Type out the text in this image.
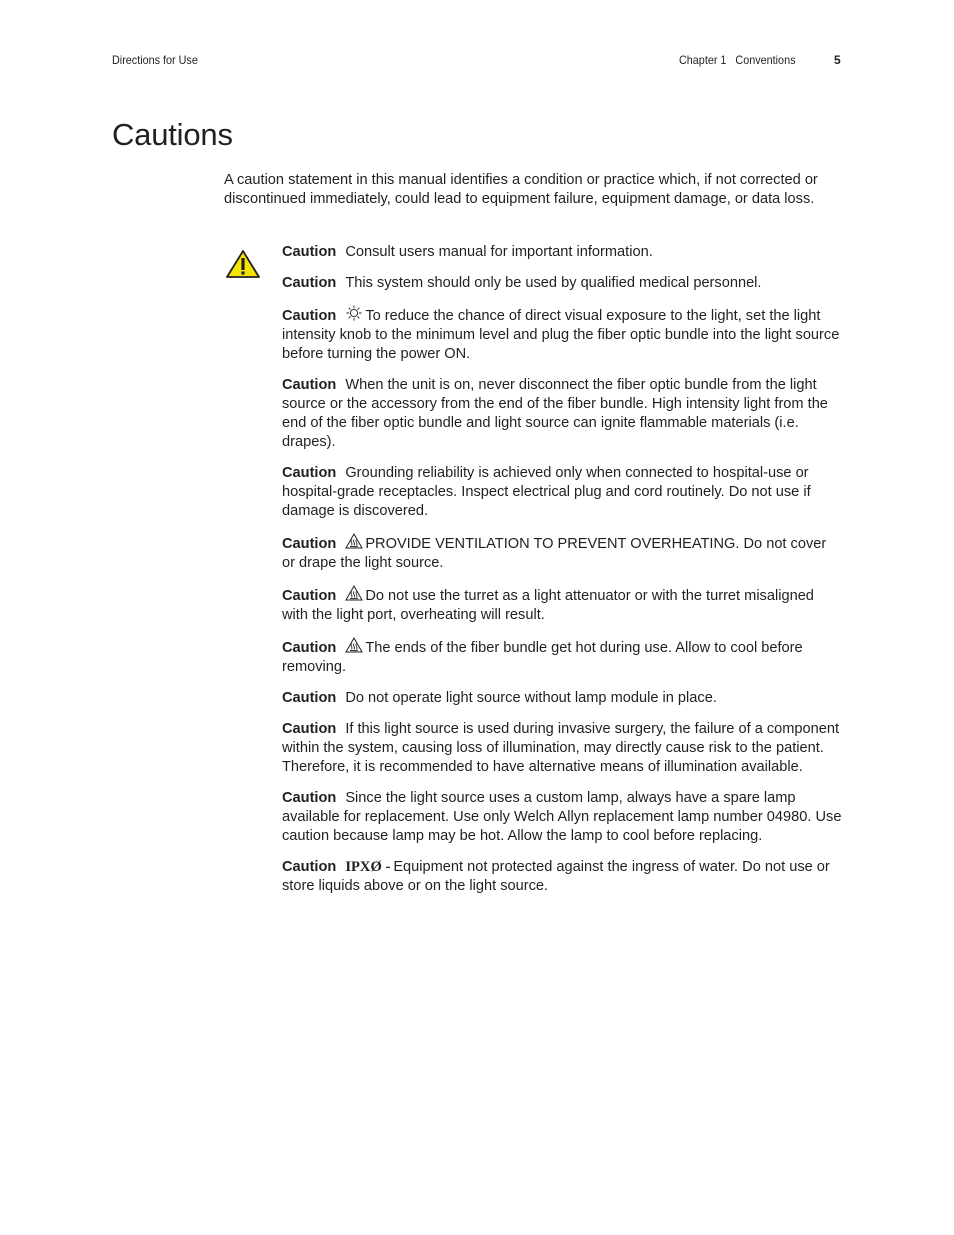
Directions for Use	Chapter 1   Conventions	5
Cautions

A caution statement in this manual identifies a condition or practice which, if not corrected or discontinued immediately, could lead to equipment failure, equipment damage, or data loss.

Caution Consult users manual for important information.

Caution This system should only be used by qualified medical personnel.

Caution To reduce the chance of direct visual exposure to the light, set the light intensity knob to the minimum level and plug the fiber optic bundle into the light source before turning the power ON.

Caution When the unit is on, never disconnect the fiber optic bundle from the light source or the accessory from the end of the fiber bundle. High intensity light from the end of the fiber optic bundle and light source can ignite flammable materials (i.e. drapes).

Caution Grounding reliability is achieved only when connected to hospital-use or hospital-grade receptacles. Inspect electrical plug and cord routinely. Do not use if damage is discovered.

Caution PROVIDE VENTILATION TO PREVENT OVERHEATING. Do not cover or drape the light source.

Caution Do not use the turret as a light attenuator or with the turret misaligned with the light port, overheating will result.

Caution The ends of the fiber bundle get hot during use. Allow to cool before removing.

Caution Do not operate light source without lamp module in place.

Caution If this light source is used during invasive surgery, the failure of a component within the system, causing loss of illumination, may directly cause risk to the patient. Therefore, it is recommended to have alternative means of illumination available.

Caution Since the light source uses a custom lamp, always have a spare lamp available for replacement. Use only Welch Allyn replacement lamp number 04980. Use caution because lamp may be hot. Allow the lamp to cool before replacing.

Caution IPXØ - Equipment not protected against the ingress of water. Do not use or store liquids above or on the light source.
